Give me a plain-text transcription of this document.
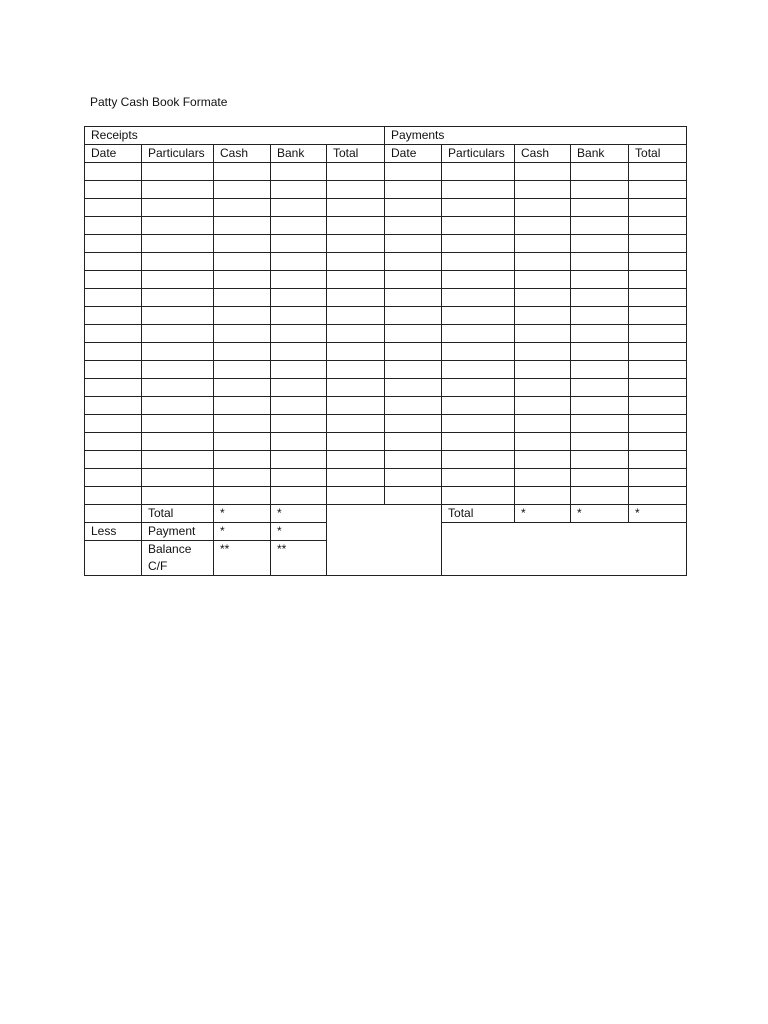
Patty Cash Book Formate
Receipts					Payments				
Date	Particulars	Cash	Bank	Total	Date	Particulars	Cash	Bank	Total

	Total	*	*			Total	*	*	*
Less	Payment	*	*						
	Balance C/F	**	**						
